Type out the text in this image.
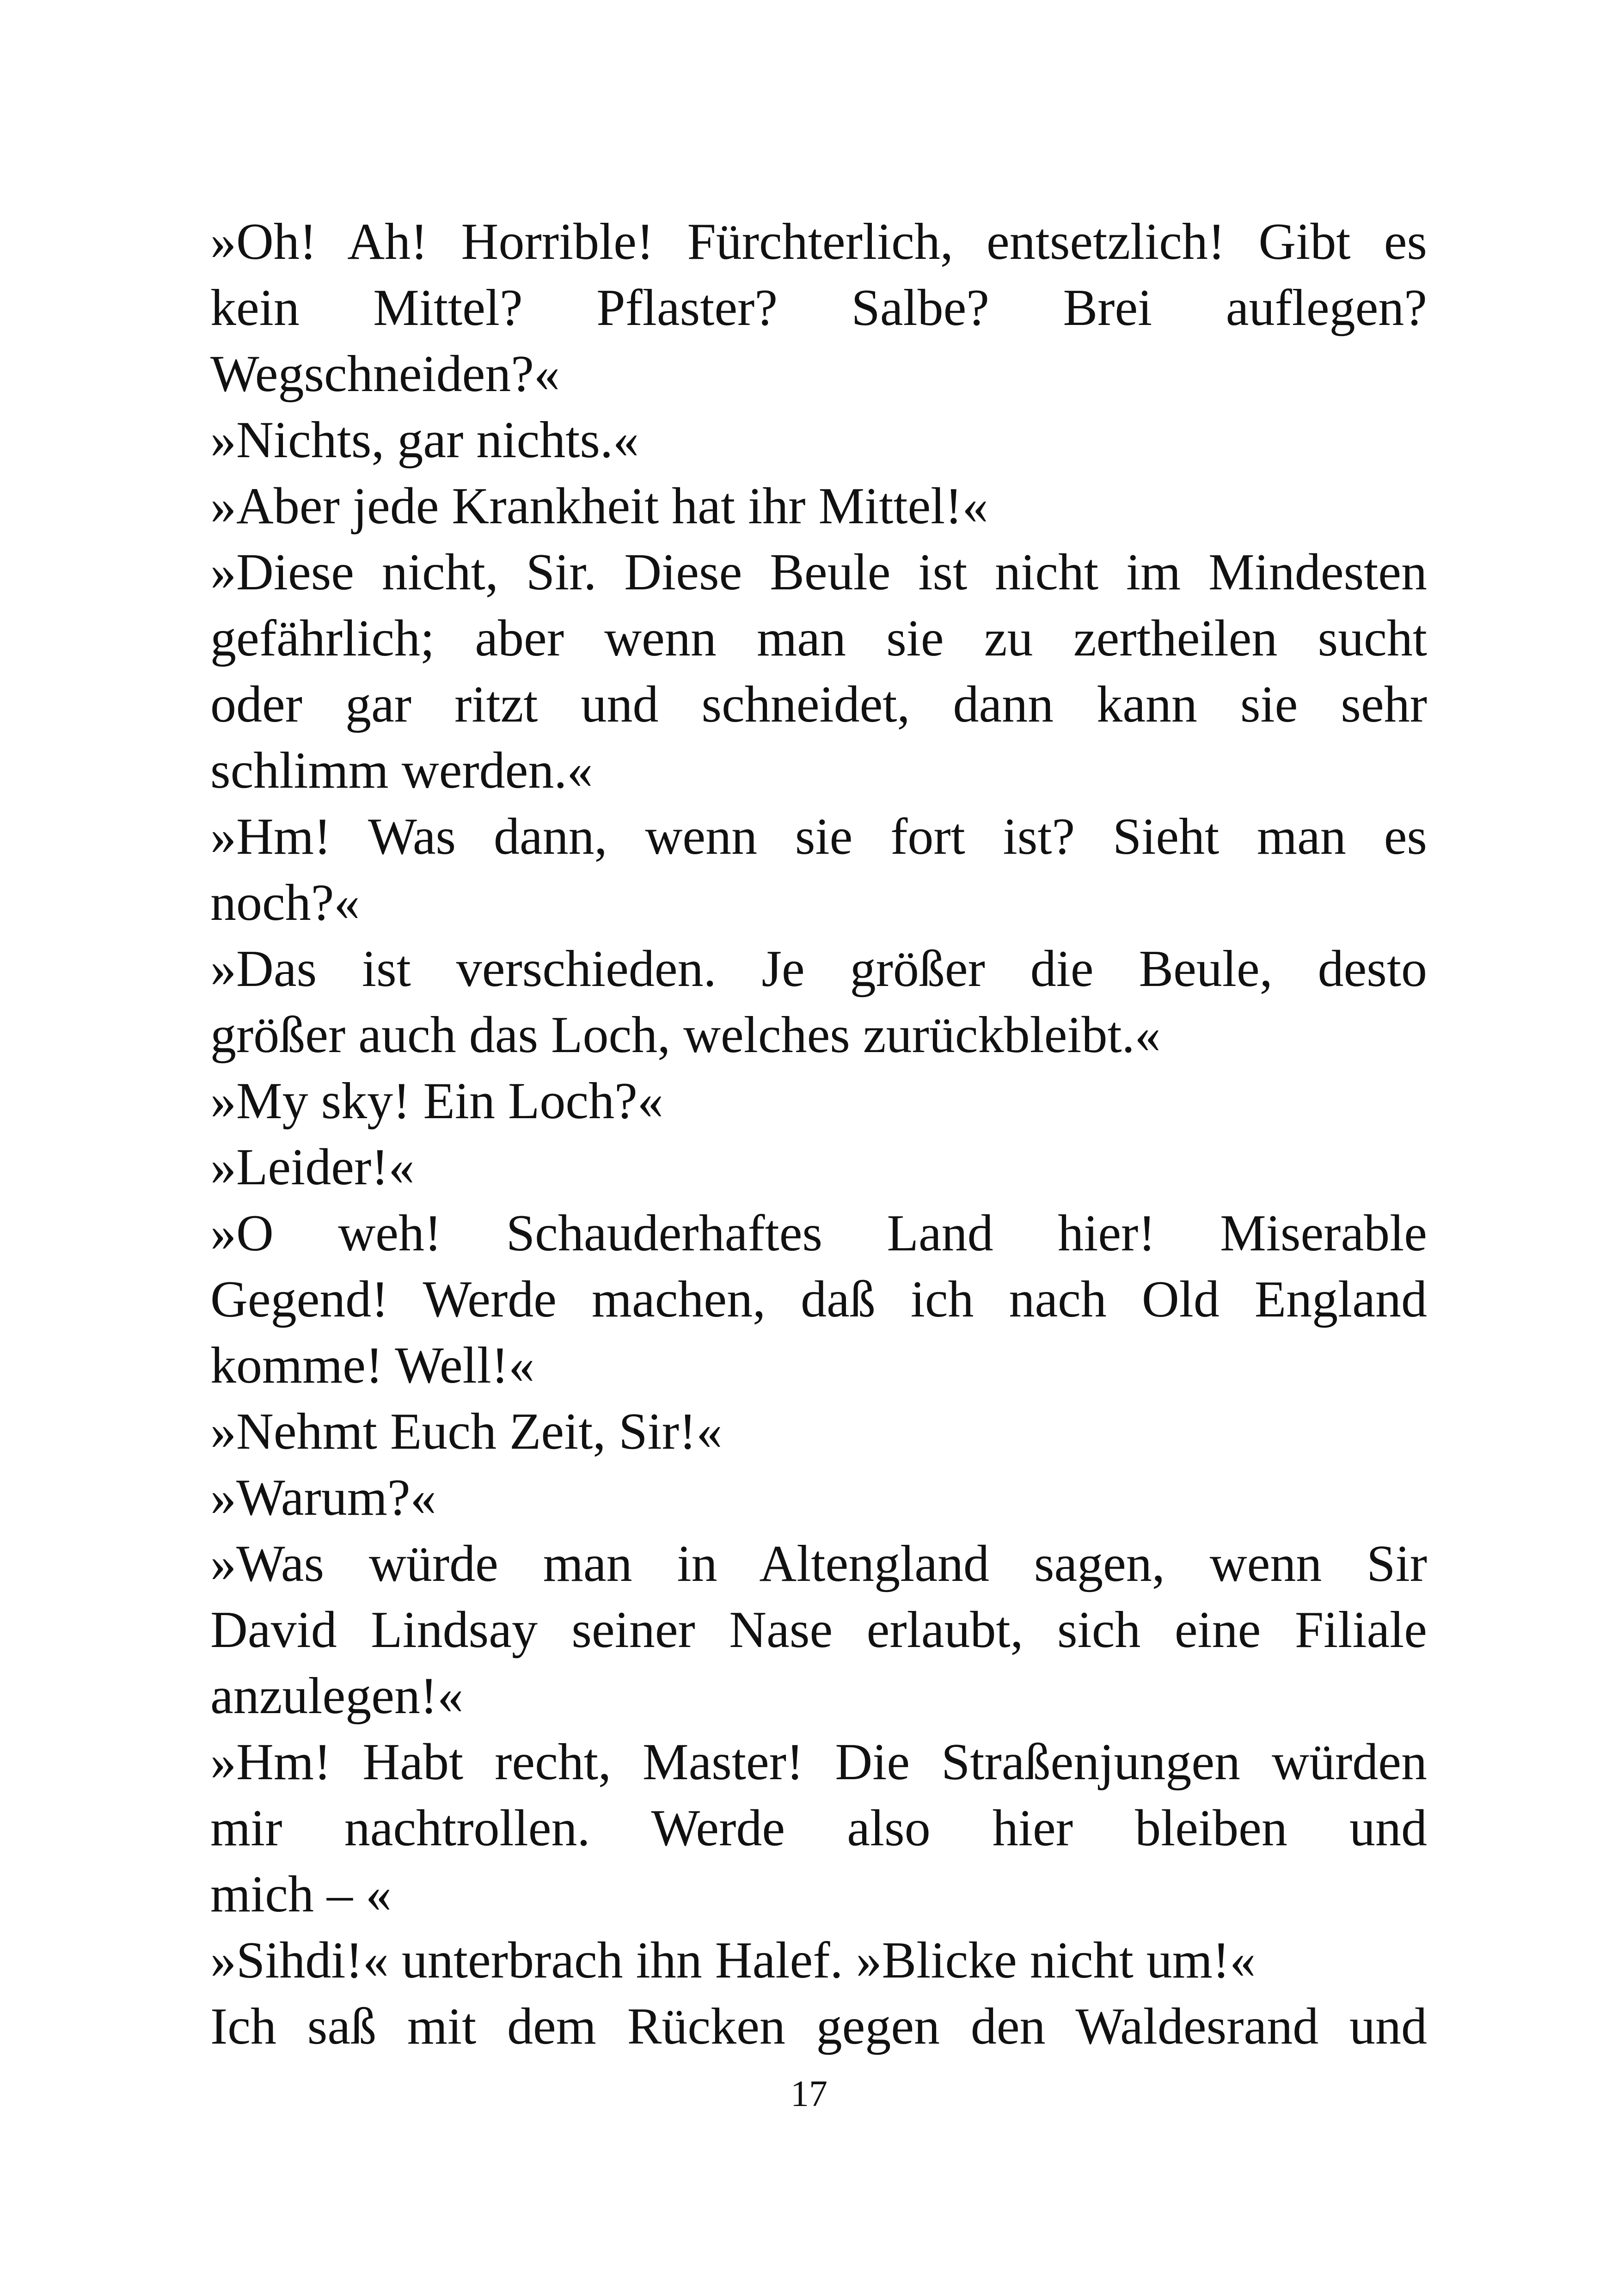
»Oh! Ah! Horrible! Fürchterlich, entsetzlich! Gibt es
kein Mittel? Pflaster? Salbe? Brei auflegen?
Wegschneiden?«
»Nichts, gar nichts.«
»Aber jede Krankheit hat ihr Mittel!«
»Diese nicht, Sir. Diese Beule ist nicht im Mindesten
gefährlich; aber wenn man sie zu zertheilen sucht
oder gar ritzt und schneidet, dann kann sie sehr
schlimm werden.«
»Hm! Was dann, wenn sie fort ist? Sieht man es
noch?«
»Das ist verschieden. Je größer die Beule, desto
größer auch das Loch, welches zurückbleibt.«
»My sky! Ein Loch?«
»Leider!«
»O weh! Schauderhaftes Land hier! Miserable
Gegend! Werde machen, daß ich nach Old England
komme! Well!«
»Nehmt Euch Zeit, Sir!«
»Warum?«
»Was würde man in Altengland sagen, wenn Sir
David Lindsay seiner Nase erlaubt, sich eine Filiale
anzulegen!«
»Hm! Habt recht, Master! Die Straßenjungen würden
mir nachtrollen. Werde also hier bleiben und
mich – «
»Sihdi!« unterbrach ihn Halef. »Blicke nicht um!«
Ich saß mit dem Rücken gegen den Waldesrand und
17
